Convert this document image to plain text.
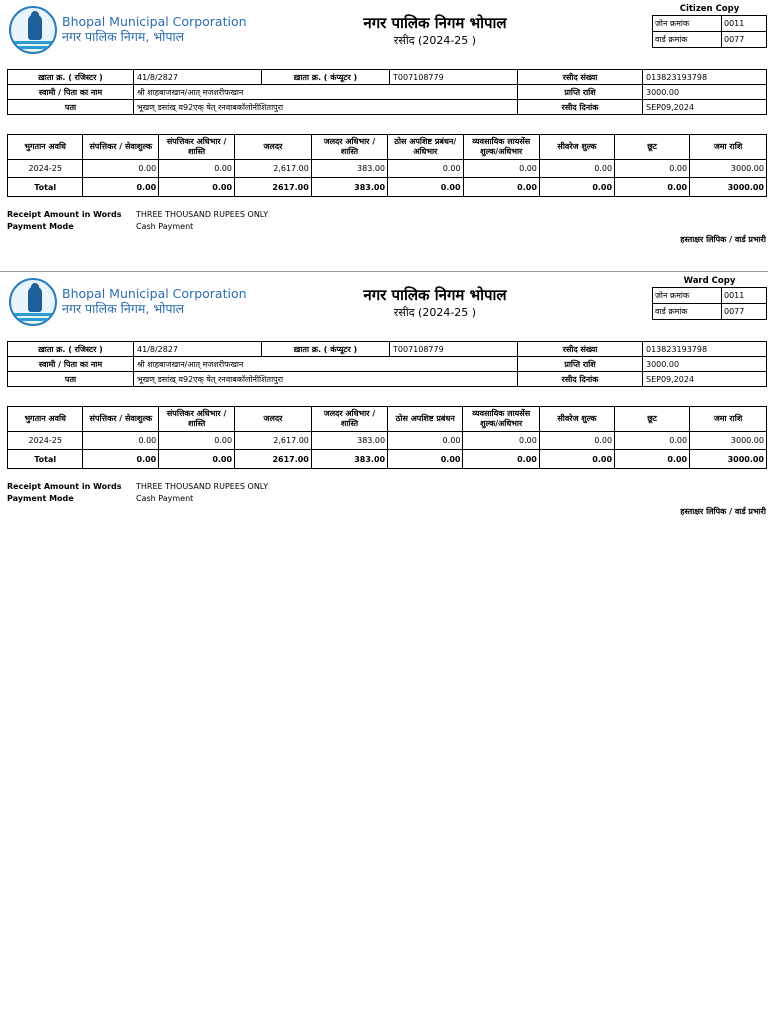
Bhopal Municipal Corporation
नगर पालिक निगम, भोपाल
नगर पालिक निगम भोपाल
रसीद (2024-25 )
Citizen Copy
ज़ोन क्रमांक	0011
वार्ड क्रमांक	0077
ख़ाता क्र. ( रजिस्टर )	41/8/2827	ख़ाता क्र. ( कंप्यूटर )	T007108779	रसीद संख्या	013823193798
स्वामी / पिता का नाम	श्री शाहबाजखान/आत् मजशरीफखान			प्राप्ति राशि	3000.00
पता	भूखण् डसांख् य92एक् षेत् रनवाबकॉलोनीशितापुरा			रसीद दिनांक	SEP09,2024
भुगतान अवधि	संपत्तिकर / सेवाशुल्क	संपत्तिकर अधिभार / शास्ति	जलदर	जलदर अधिभार / शास्ति	ठोस अपशिष्ट प्रबंधन/अधिभार	व्यवसायिक लायसेंस शुल्क/अधिभार	सीवरेज शुल्क	छूट	जमा राशि
2024-25	0.00	0.00	2,617.00	383.00	0.00	0.00	0.00	0.00	3000.00
Total	0.00	0.00	2617.00	383.00	0.00	0.00	0.00	0.00	3000.00
Receipt Amount in Words THREE THOUSAND RUPEES ONLY
Payment Mode	Cash Payment
हस्ताक्षर लिपिक / वार्ड प्रभारी
Bhopal Municipal Corporation
नगर पालिक निगम, भोपाल
नगर पालिक निगम भोपाल
रसीद (2024-25 )
Ward Copy
ज़ोन क्रमांक	0011
वार्ड क्रमांक	0077
ख़ाता क्र. ( रजिस्टर )	41/8/2827	ख़ाता क्र. ( कंप्यूटर )	T007108779	रसीद संख्या	013823193798
स्वामी / पिता का नाम	श्री शाहबाजखान/आत् मजशरीफखान			प्राप्ति राशि	3000.00
पता	भूखण् डसांख् य92एक् षेत् रनवाबकॉलोनीशितापुरा			रसीद दिनांक	SEP09,2024
भुगतान अवधि	संपत्तिकर / सेवाशुल्क	संपत्तिकर अधिभार / शास्ति	जलदर	जलदर अधिभार / शास्ति	ठोस अपशिष्ट प्रबंधन	व्यवसायिक लायसेंस शुल्क/अधिभार	सीवरेज शुल्क	छूट	जमा राशि
2024-25	0.00	0.00	2,617.00	383.00	0.00	0.00	0.00	0.00	3000.00
Total	0.00	0.00	2617.00	383.00	0.00	0.00	0.00	0.00	3000.00
Receipt Amount in Words THREE THOUSAND RUPEES ONLY
Payment Mode	Cash Payment
हस्ताक्षर लिपिक / वार्ड प्रभारी
